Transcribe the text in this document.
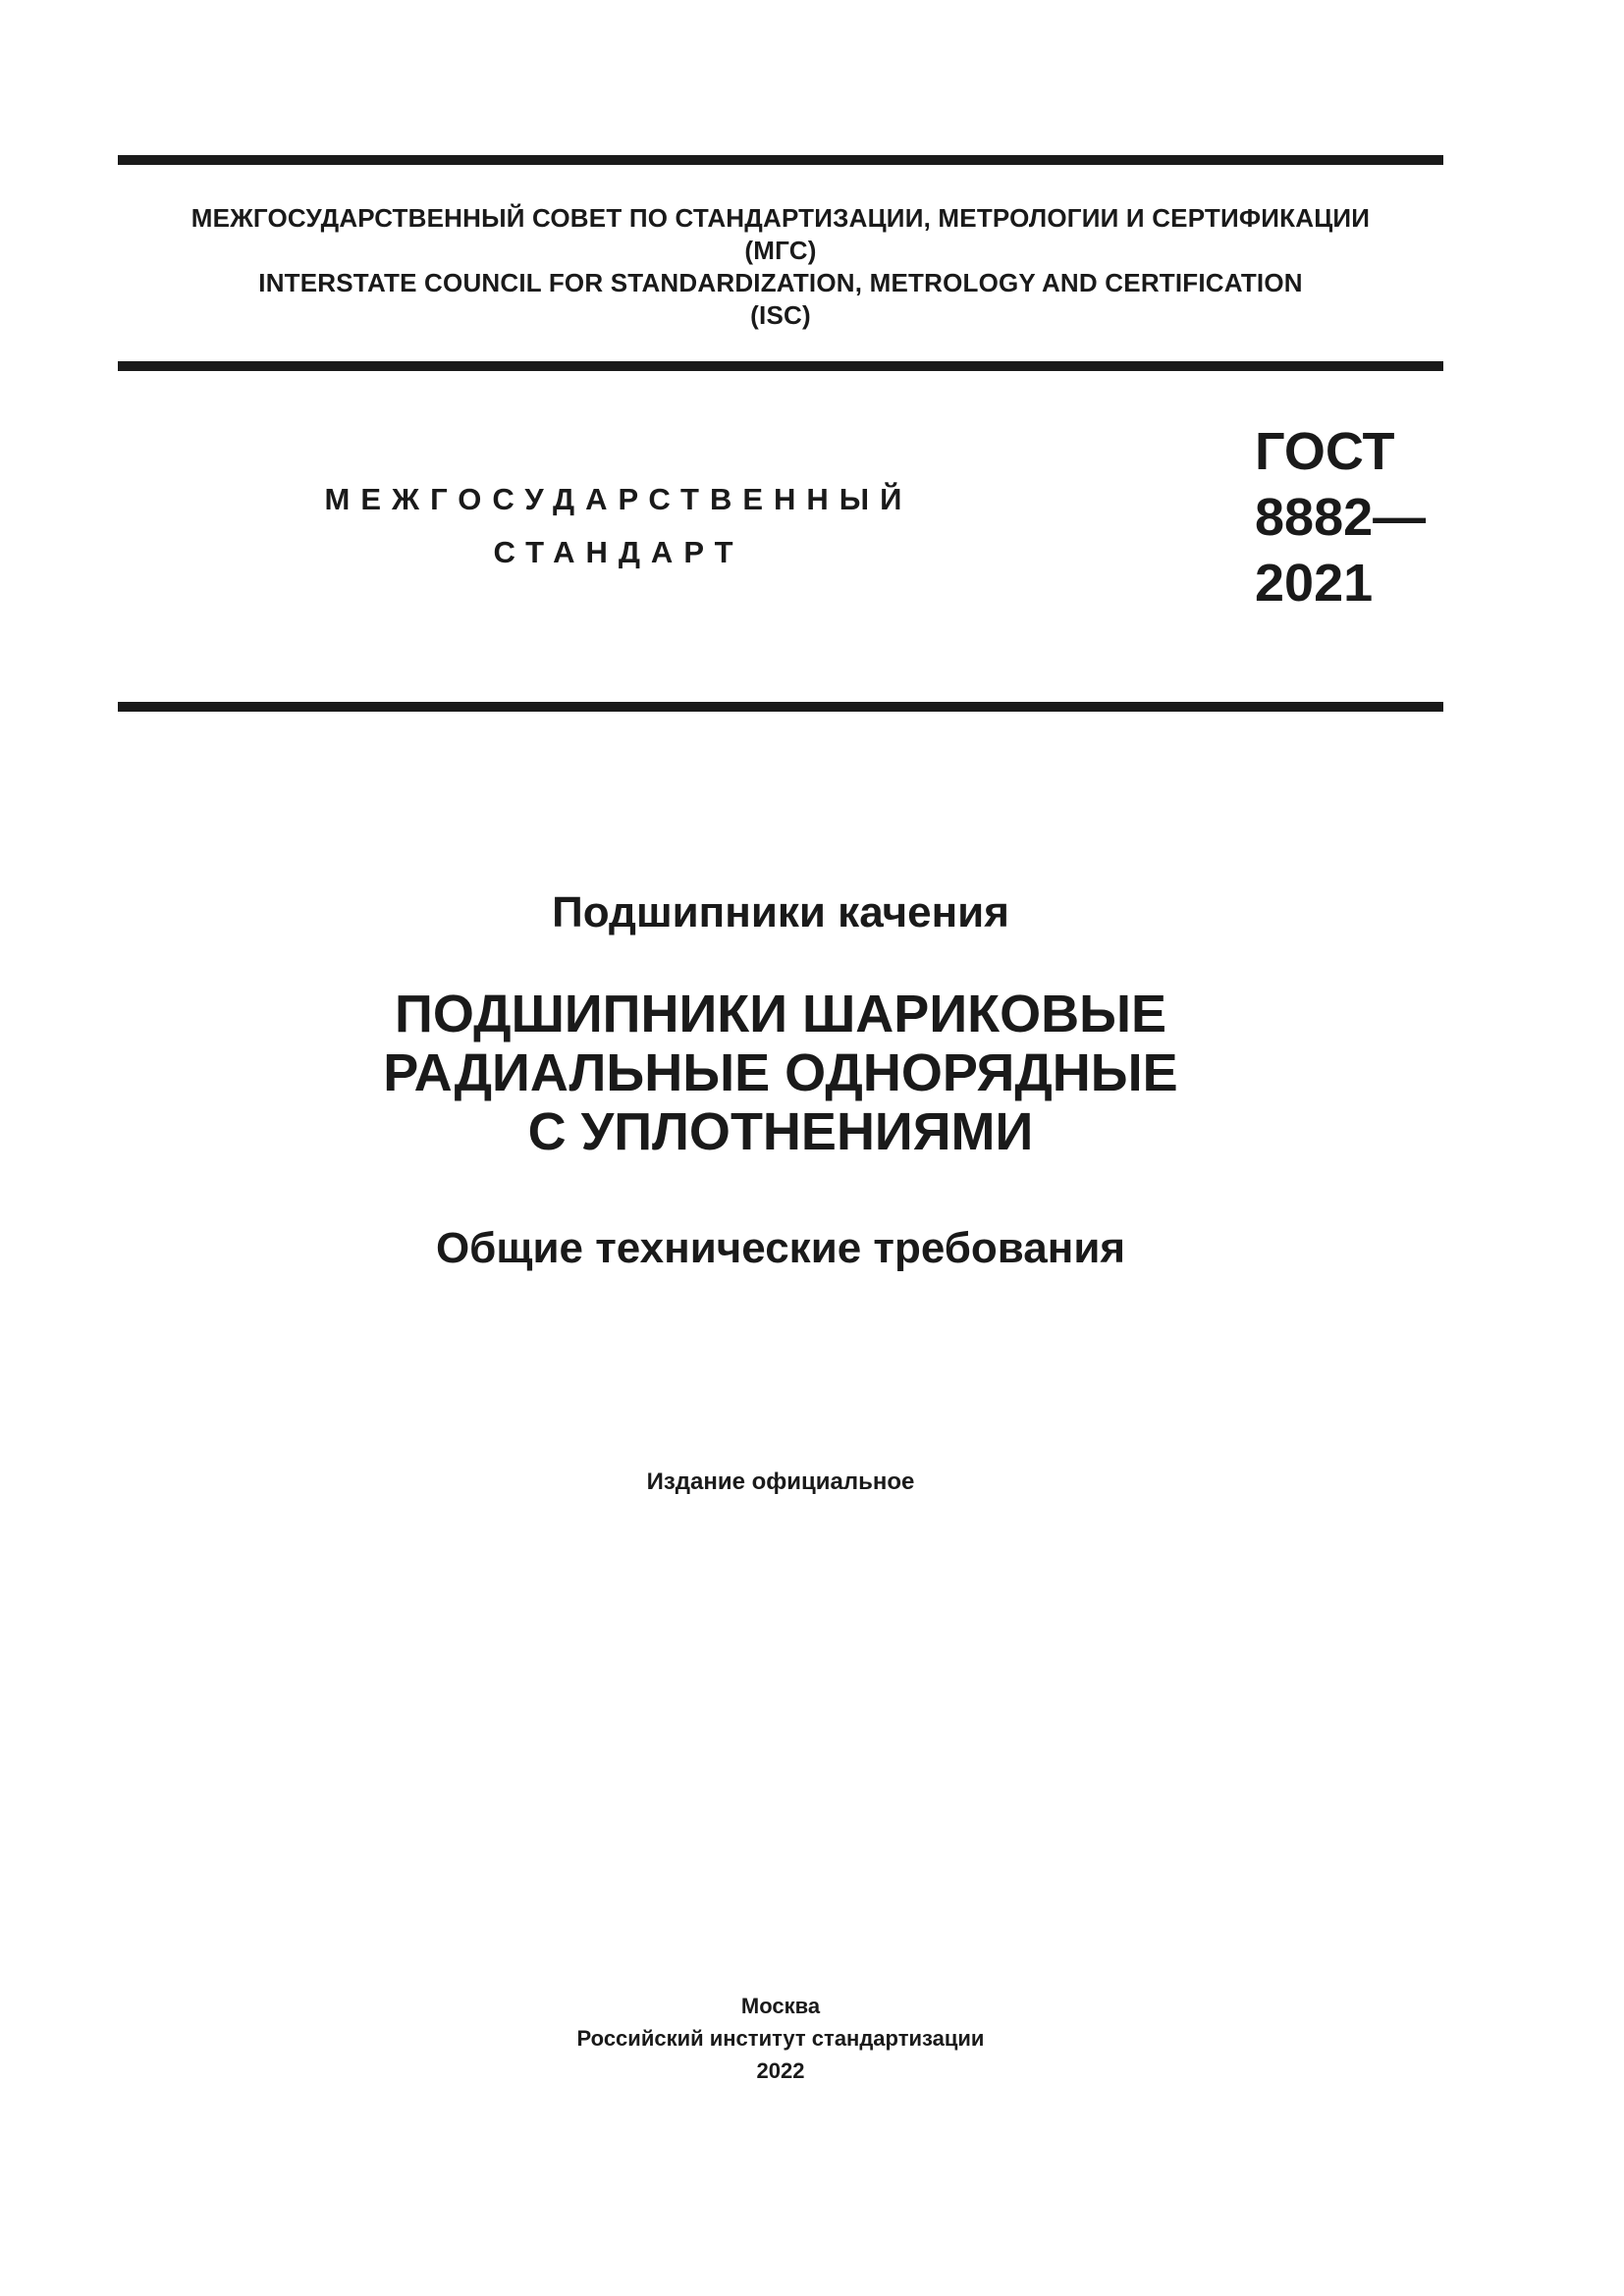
МЕЖГОСУДАРСТВЕННЫЙ СОВЕТ ПО СТАНДАРТИЗАЦИИ, МЕТРОЛОГИИ И СЕРТИФИКАЦИИ
(МГС)
INTERSTATE COUNCIL FOR STANDARDIZATION, METROLOGY AND CERTIFICATION
(ISC)
МЕЖГОСУДАРСТВЕННЫЙ
СТАНДАРТ
ГОСТ
8882—
2021
Подшипники качения
ПОДШИПНИКИ ШАРИКОВЫЕ
РАДИАЛЬНЫЕ ОДНОРЯДНЫЕ
С УПЛОТНЕНИЯМИ
Общие технические требования
Издание официальное
Москва
Российский институт стандартизации
2022
